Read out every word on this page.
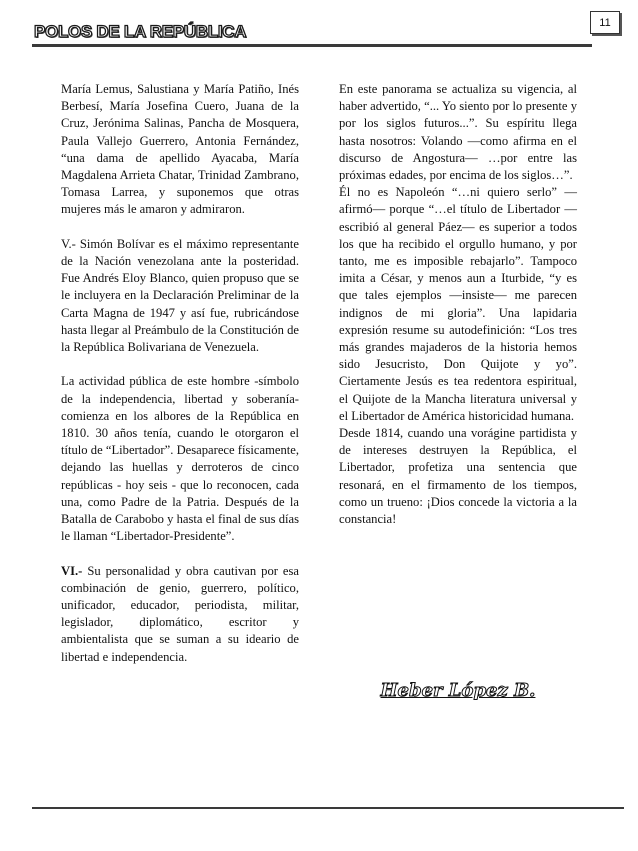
POLOS DE LA REPÚBLICA	11

María Lemus, Salustiana y María Patiño, Inés Berbesí, María Josefina Cuero, Juana de la Cruz, Jerónima Salinas, Pancha de Mosquera, Paula Vallejo Guerrero, Antonia Fernández, “una dama de apellido Ayacaba, María Magdalena Arrieta Chatar, Trinidad Zambrano, Tomasa Larrea, y suponemos que otras mujeres más le amaron y admiraron.

V.- Simón Bolívar es el máximo representante de la Nación venezolana ante la posteridad. Fue Andrés Eloy Blanco, quien propuso que se le incluyera en la Declaración Preliminar de la Carta Magna de 1947 y así fue, rubricándose hasta llegar al Preámbulo de la Constitución de la República Bolivariana de Venezuela.

La actividad pública de este hombre -símbolo de la independencia, libertad y soberanía- comienza en los albores de la República en 1810. 30 años tenía, cuando le otorgaron el título de “Libertador”. Desaparece físicamente, dejando las huellas y derroteros de cinco repúblicas - hoy seis - que lo reconocen, cada una, como Padre de la Patria. Después de la Batalla de Carabobo y hasta el final de sus días le llaman “Libertador-Presidente”.

VI.- Su personalidad y obra cautivan por esa combinación de genio, guerrero, político, unificador, educador, periodista, militar, legislador, diplomático, escritor y ambientalista que se suman a su ideario de libertad e independencia.

En este panorama se actualiza su vigencia, al haber advertido, “... Yo siento por lo presente y por los siglos futuros...”. Su espíritu llega hasta nosotros: Volando —como afirma en el discurso de Angostura— …por entre las próximas edades, por encima de los siglos…”.

Él no es Napoleón “…ni quiero serlo” —afirmó— porque “…el título de Libertador —escribió al general Páez— es superior a todos los que ha recibido el orgullo humano, y por tanto, me es imposible rebajarlo”. Tampoco imita a César, y menos aun a Iturbide, “y es que tales ejemplos —insiste— me parecen indignos de mi gloria”. Una lapidaria expresión resume su autodefinición: “Los tres más grandes majaderos de la historia hemos sido Jesucristo, Don Quijote y yo”. Ciertamente Jesús es tea redentora espiritual, el Quijote de la Mancha literatura universal y el Libertador de América historicidad humana.

Desde 1814, cuando una vorágine partidista y de intereses destruyen la República, el Libertador, profetiza una sentencia que resonará, en el firmamento de los tiempos, como un trueno: ¡Dios concede la victoria a la constancia!

Heber López B.
